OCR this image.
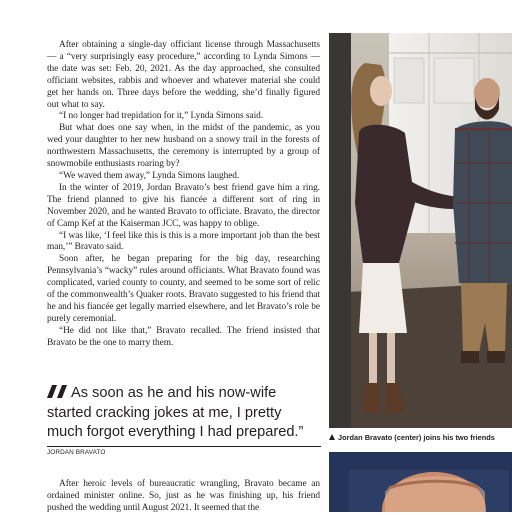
After obtaining a single-day officiant license through Massachusetts — a “very surprisingly easy procedure,” according to Lynda Simons — the date was set: Feb. 20, 2021. As the day approached, she consulted officiant websites, rabbis and whoever and whatever material she could get her hands on. Three days before the wedding, she’d finally figured out what to say.

“I no longer had trepidation for it,” Lynda Simons said.

But what does one say when, in the midst of the pandemic, as you wed your daughter to her new husband on a snowy trail in the forests of northwestern Massachusetts, the ceremony is interrupted by a group of snowmobile enthusiasts roaring by?

“We waved them away,” Lynda Simons laughed.

In the winter of 2019, Jordan Bravato’s best friend gave him a ring. The friend planned to give his fiancée a different sort of ring in November 2020, and he wanted Bravato to officiate. Bravato, the director of Camp Kef at the Kaiserman JCC, was happy to oblige.

“I was like, ‘I feel like this is this is a more important job than the best man,’” Bravato said.

Soon after, he began preparing for the big day, researching Pennsylvania’s “wacky” rules around officiants. What Bravato found was complicated, varied county to county, and seemed to be some sort of relic of the commonwealth’s Quaker roots. Bravato suggested to his friend that he and his fiancée get legally married elsewhere, and let Bravato’s role be purely ceremonial.

“He did not like that,” Bravato recalled. The friend insisted that Bravato be the one to marry them.

As soon as he and his now-wife started cracking jokes at me, I pretty much forgot everything I had prepared.”

JORDAN BRAVATO

After heroic levels of bureaucratic wrangling, Bravato became an ordained minister online. So, just as he was finishing up, his friend pushed the wedding until August 2021. It seemed that the

Jordan Bravato (center) joins his two friends
